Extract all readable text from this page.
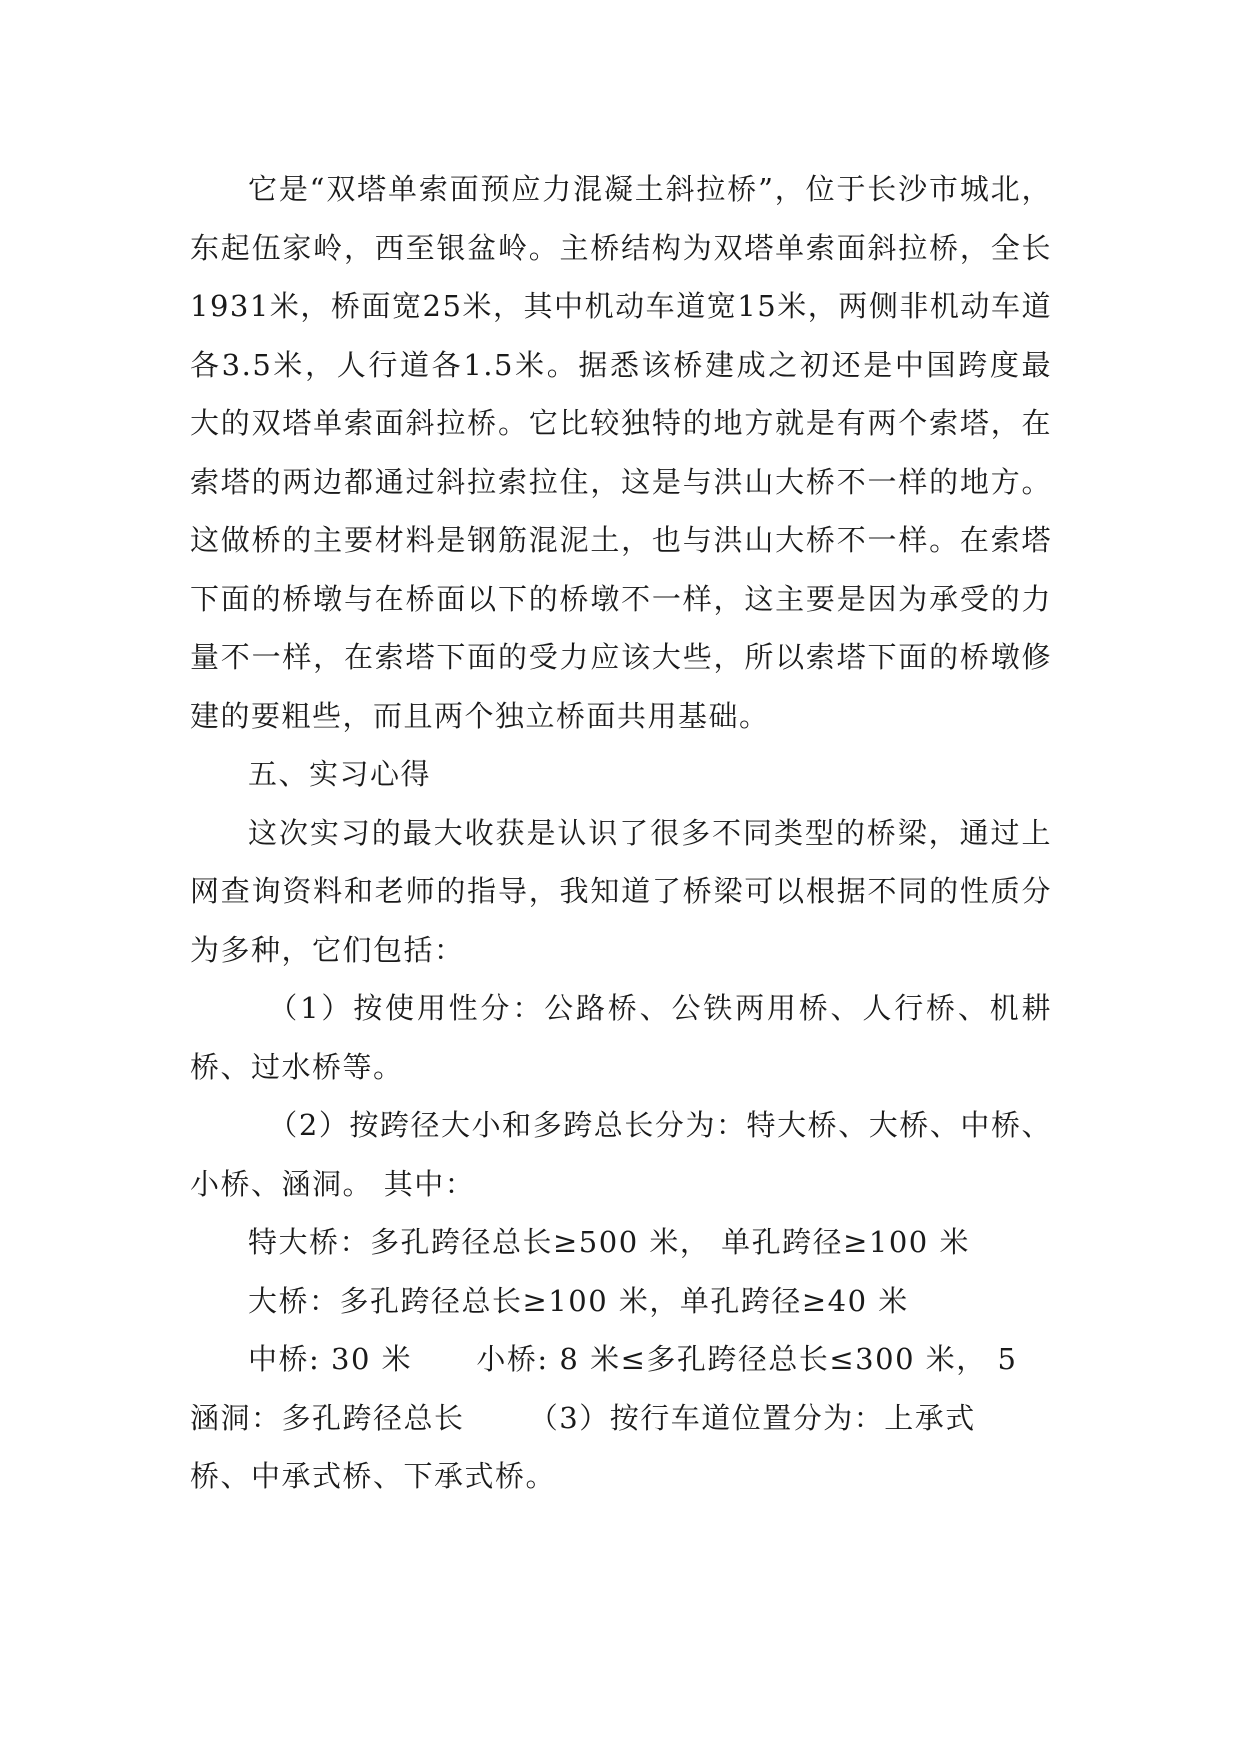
它是“双塔单索面预应力混凝土斜拉桥”，位于长沙市城北，东起伍家岭，西至银盆岭。主桥结构为双塔单索面斜拉桥，全长1931米，桥面宽25米，其中机动车道宽15米，两侧非机动车道各3.5米，人行道各1.5米。据悉该桥建成之初还是中国跨度最大的双塔单索面斜拉桥。它比较独特的地方就是有两个索塔，在索塔的两边都通过斜拉索拉住，这是与洪山大桥不一样的地方。这做桥的主要材料是钢筋混泥土，也与洪山大桥不一样。在索塔下面的桥墩与在桥面以下的桥墩不一样，这主要是因为承受的力量不一样，在索塔下面的受力应该大些，所以索塔下面的桥墩修建的要粗些，而且两个独立桥面共用基础。

五、实习心得

这次实习的最大收获是认识了很多不同类型的桥梁，通过上网查询资料和老师的指导，我知道了桥梁可以根据不同的性质分为多种，它们包括：

（1）按使用性分：公路桥、公铁两用桥、人行桥、机耕桥、过水桥等。

（2）按跨径大小和多跨总长分为：特大桥、大桥、中桥、小桥、涵洞。 其中：

特大桥：多孔跨径总长≥500 米， 单孔跨径≥100 米

大桥：多孔跨径总长≥100 米，单孔跨径≥40 米

中桥: 30 米      小桥: 8 米≤多孔跨径总长≤300 米， 5

涵洞：多孔跨径总长      （3）按行车道位置分为：上承式

桥、中承式桥、下承式桥。
